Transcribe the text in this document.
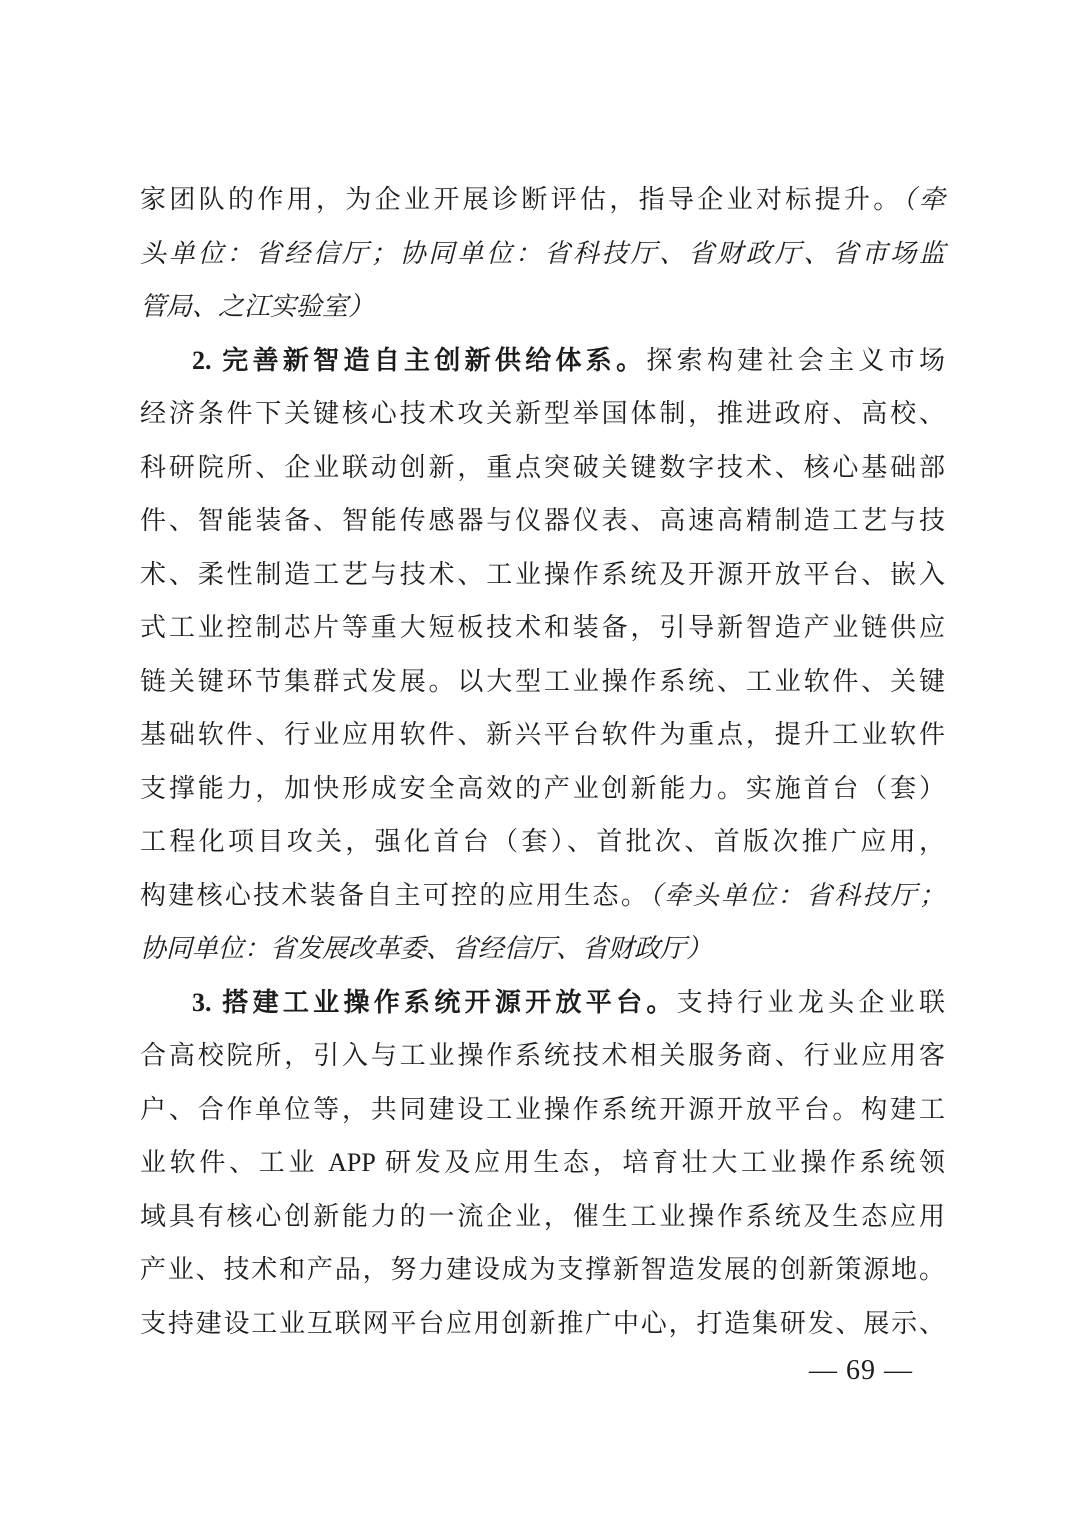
家团队的作用，为企业开展诊断评估，指导企业对标提升。（牵
头单位：省经信厅；协同单位：省科技厅、省财政厅、省市场监
管局、之江实验室）
2. 完善新智造自主创新供给体系。探索构建社会主义市场
经济条件下关键核心技术攻关新型举国体制，推进政府、高校、
科研院所、企业联动创新，重点突破关键数字技术、核心基础部
件、智能装备、智能传感器与仪器仪表、高速高精制造工艺与技
术、柔性制造工艺与技术、工业操作系统及开源开放平台、嵌入
式工业控制芯片等重大短板技术和装备，引导新智造产业链供应
链关键环节集群式发展。以大型工业操作系统、工业软件、关键
基础软件、行业应用软件、新兴平台软件为重点，提升工业软件
支撑能力，加快形成安全高效的产业创新能力。实施首台（套）
工程化项目攻关，强化首台（套）、首批次、首版次推广应用，
构建核心技术装备自主可控的应用生态。（牵头单位：省科技厅；
协同单位：省发展改革委、省经信厅、省财政厅）
3. 搭建工业操作系统开源开放平台。支持行业龙头企业联
合高校院所，引入与工业操作系统技术相关服务商、行业应用客
户、合作单位等，共同建设工业操作系统开源开放平台。构建工
业软件、工业 APP 研发及应用生态，培育壮大工业操作系统领
域具有核心创新能力的一流企业，催生工业操作系统及生态应用
产业、技术和产品，努力建设成为支撑新智造发展的创新策源地。
支持建设工业互联网平台应用创新推广中心，打造集研发、展示、
— 69 —
